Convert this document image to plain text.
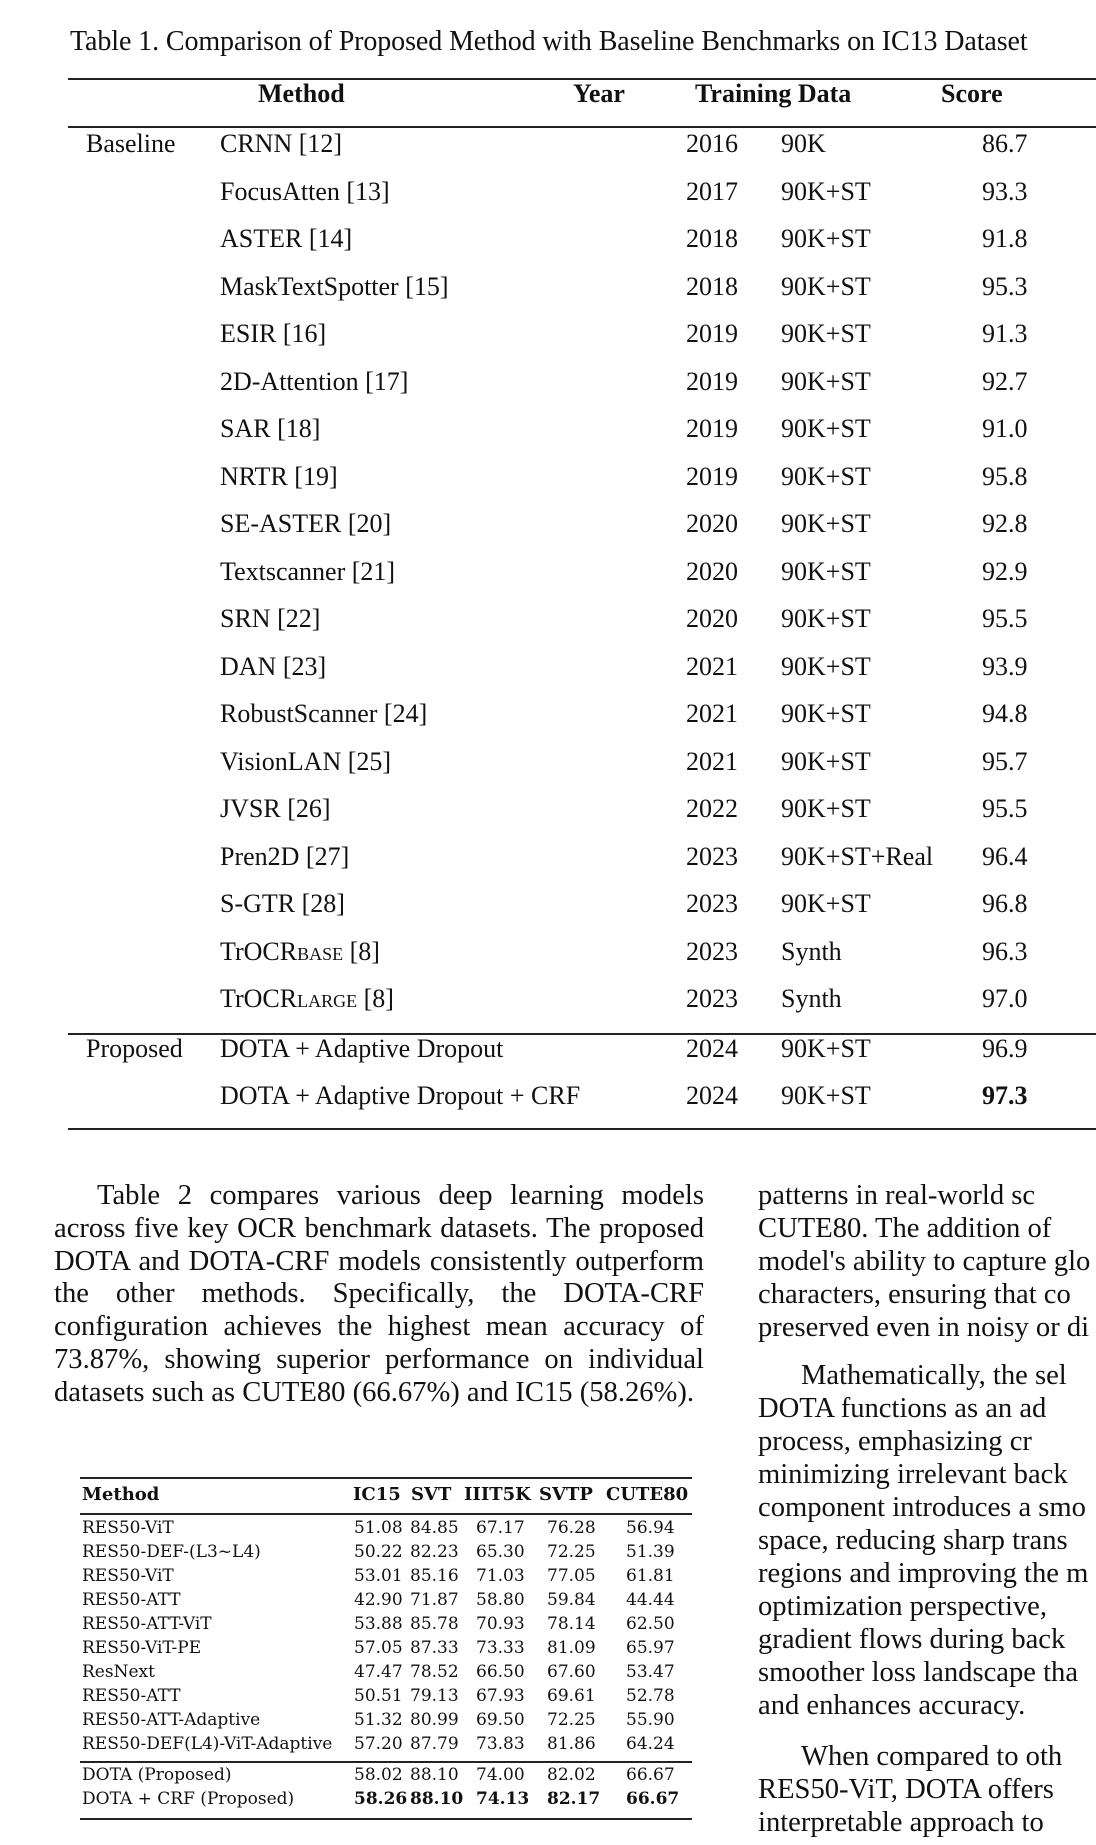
Table 1. Comparison of Proposed Method with Baseline Benchmarks on IC13 Dataset
Method	Year	Training Data	Score
Baseline CRNN [12]	2016 90K	86.7
FocusAtten [13]	2017 90K+ST	93.3
ASTER [14]	2018 90K+ST	91.8
MaskTextSpotter [15]	2018 90K+ST	95.3
ESIR [16]	2019 90K+ST	91.3
2D-Attention [17]	2019 90K+ST	92.7
SAR [18]	2019 90K+ST	91.0
NRTR [19]	2019 90K+ST	95.8
SE-ASTER [20]	2020 90K+ST	92.8
Textscanner [21]	2020 90K+ST	92.9
SRN [22]	2020 90K+ST	95.5
DAN [23]	2021 90K+ST	93.9
RobustScanner [24]	2021 90K+ST	94.8
VisionLAN [25]	2021 90K+ST	95.7
JVSR [26]	2022 90K+ST	95.5
Pren2D [27]	2023 90K+ST+Real 96.4
S-GTR [28]	2023 90K+ST	96.8
TrOCRBASE [8]	2023 Synth	96.3
TrOCRLARGE [8]	2023 Synth	97.0
Proposed DOTA + Adaptive Dropout	2024 90K+ST	96.9
DOTA + Adaptive Dropout + CRF	2024 90K+ST	97.3
Table 2 compares various deep learning models across five key OCR benchmark datasets. The proposed DOTA and DOTA-CRF models consistently outperform the other methods. Specifically, the DOTA-CRF configuration achieves the highest mean accuracy of 73.87%, showing superior performance on individual datasets such as CUTE80 (66.67%) and IC15 (58.26%).
patterns in real-world sc
CUTE80. The addition of
model's ability to capture glo
characters, ensuring that co
preserved even in noisy or di
Mathematically, the sel
DOTA functions as an ad
process, emphasizing cr
minimizing irrelevant back
component introduces a smo
space, reducing sharp trans
regions and improving the m
optimization perspective,
gradient flows during back
smoother loss landscape tha
and enhances accuracy.
When compared to oth
RES50-ViT, DOTA offers
interpretable approach to
Method	IC15 SVT IIIT5K SVTP CUTE80
RES50-ViT	51.08 84.85 67.17 76.28 56.94
RES50-DEF-(L3~L4)	50.22 82.23 65.30 72.25 51.39
RES50-ViT	53.01 85.16 71.03 77.05 61.81
RES50-ATT	42.90 71.87 58.80 59.84 44.44
RES50-ATT-ViT	53.88 85.78 70.93 78.14 62.50
RES50-ViT-PE	57.05 87.33 73.33 81.09 65.97
ResNext	47.47 78.52 66.50 67.60 53.47
RES50-ATT	50.51 79.13 67.93 69.61 52.78
RES50-ATT-Adaptive	51.32 80.99 69.50 72.25 55.90
RES50-DEF(L4)-ViT-Adaptive 57.20 87.79 73.83 81.86 64.24
DOTA (Proposed)	58.02 88.10 74.00 82.02 66.67
DOTA + CRF (Proposed)	58.26 88.10 74.13 82.17 66.67
